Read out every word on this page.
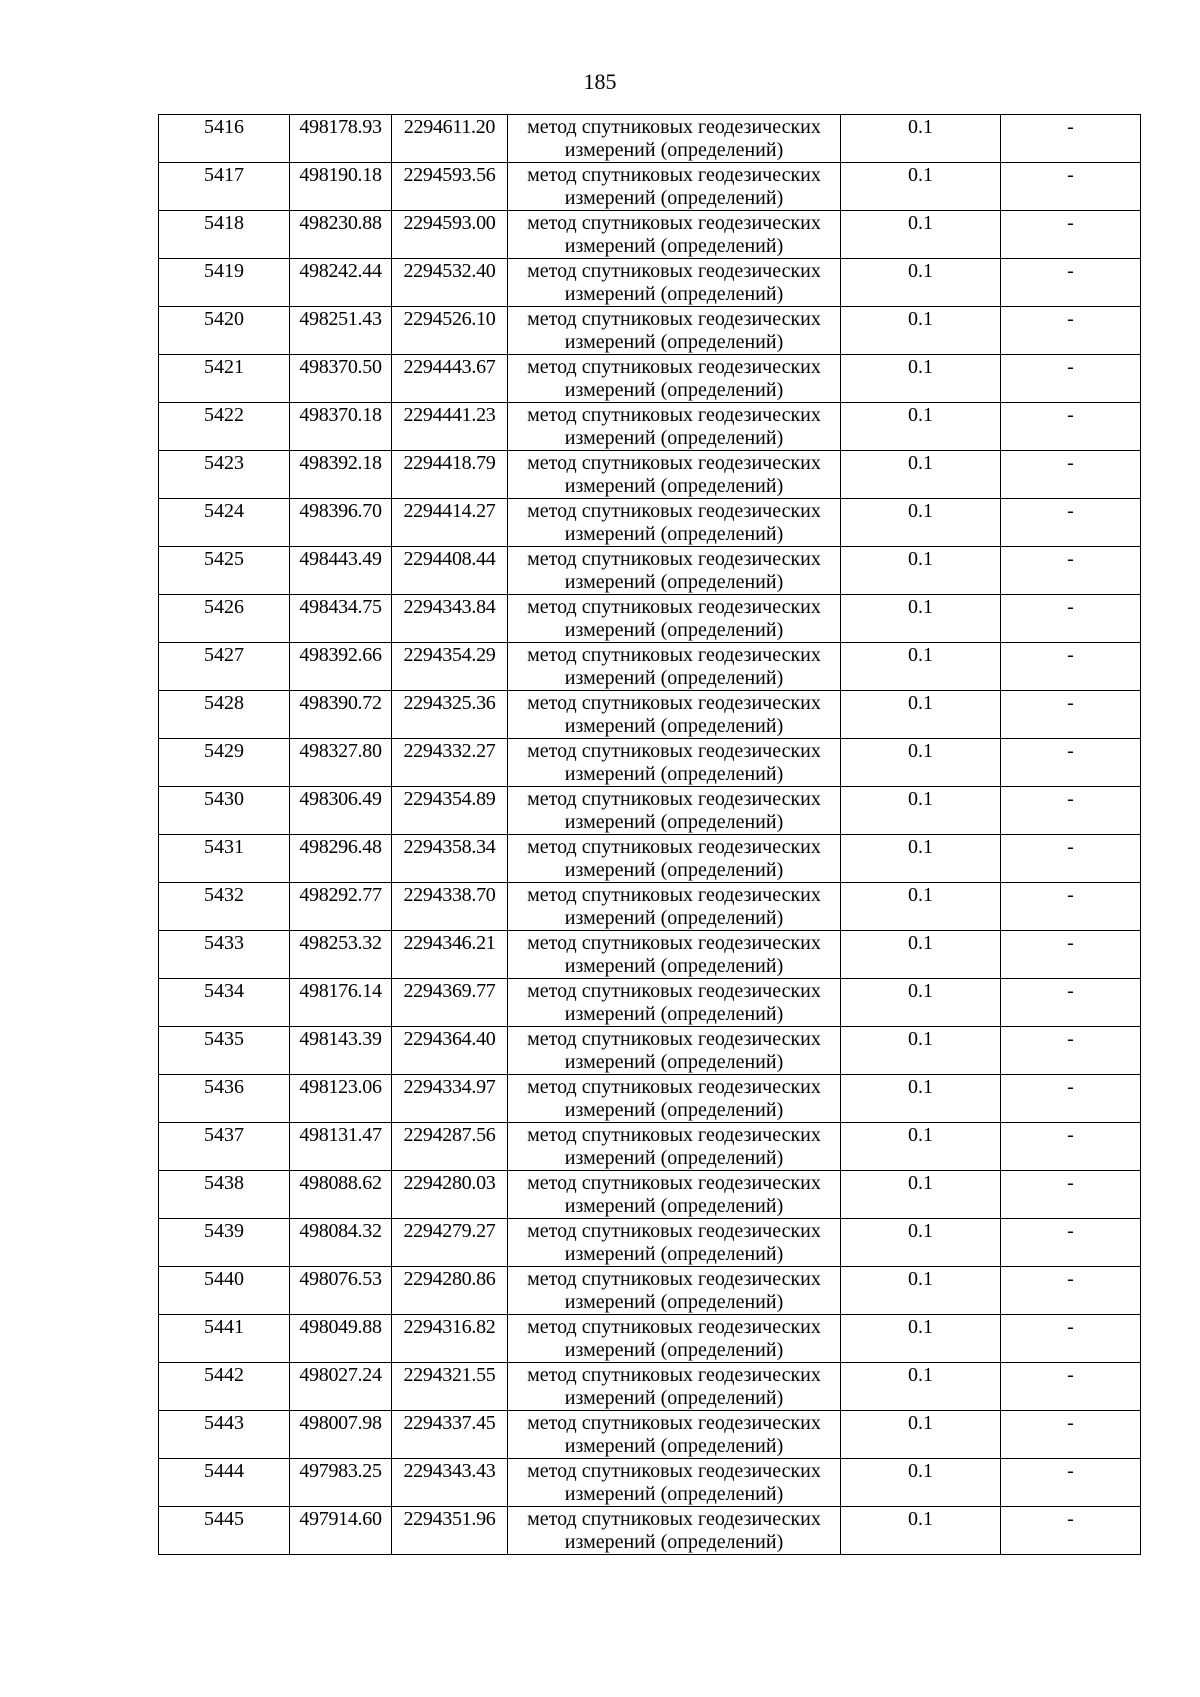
185
5416	498178.93	2294611.20	метод спутниковых геодезических измерений (определений)	0.1	-
5417	498190.18	2294593.56	метод спутниковых геодезических измерений (определений)	0.1	-
5418	498230.88	2294593.00	метод спутниковых геодезических измерений (определений)	0.1	-
5419	498242.44	2294532.40	метод спутниковых геодезических измерений (определений)	0.1	-
5420	498251.43	2294526.10	метод спутниковых геодезических измерений (определений)	0.1	-
5421	498370.50	2294443.67	метод спутниковых геодезических измерений (определений)	0.1	-
5422	498370.18	2294441.23	метод спутниковых геодезических измерений (определений)	0.1	-
5423	498392.18	2294418.79	метод спутниковых геодезических измерений (определений)	0.1	-
5424	498396.70	2294414.27	метод спутниковых геодезических измерений (определений)	0.1	-
5425	498443.49	2294408.44	метод спутниковых геодезических измерений (определений)	0.1	-
5426	498434.75	2294343.84	метод спутниковых геодезических измерений (определений)	0.1	-
5427	498392.66	2294354.29	метод спутниковых геодезических измерений (определений)	0.1	-
5428	498390.72	2294325.36	метод спутниковых геодезических измерений (определений)	0.1	-
5429	498327.80	2294332.27	метод спутниковых геодезических измерений (определений)	0.1	-
5430	498306.49	2294354.89	метод спутниковых геодезических измерений (определений)	0.1	-
5431	498296.48	2294358.34	метод спутниковых геодезических измерений (определений)	0.1	-
5432	498292.77	2294338.70	метод спутниковых геодезических измерений (определений)	0.1	-
5433	498253.32	2294346.21	метод спутниковых геодезических измерений (определений)	0.1	-
5434	498176.14	2294369.77	метод спутниковых геодезических измерений (определений)	0.1	-
5435	498143.39	2294364.40	метод спутниковых геодезических измерений (определений)	0.1	-
5436	498123.06	2294334.97	метод спутниковых геодезических измерений (определений)	0.1	-
5437	498131.47	2294287.56	метод спутниковых геодезических измерений (определений)	0.1	-
5438	498088.62	2294280.03	метод спутниковых геодезических измерений (определений)	0.1	-
5439	498084.32	2294279.27	метод спутниковых геодезических измерений (определений)	0.1	-
5440	498076.53	2294280.86	метод спутниковых геодезических измерений (определений)	0.1	-
5441	498049.88	2294316.82	метод спутниковых геодезических измерений (определений)	0.1	-
5442	498027.24	2294321.55	метод спутниковых геодезических измерений (определений)	0.1	-
5443	498007.98	2294337.45	метод спутниковых геодезических измерений (определений)	0.1	-
5444	497983.25	2294343.43	метод спутниковых геодезических измерений (определений)	0.1	-
5445	497914.60	2294351.96	метод спутниковых геодезических измерений (определений)	0.1	-
